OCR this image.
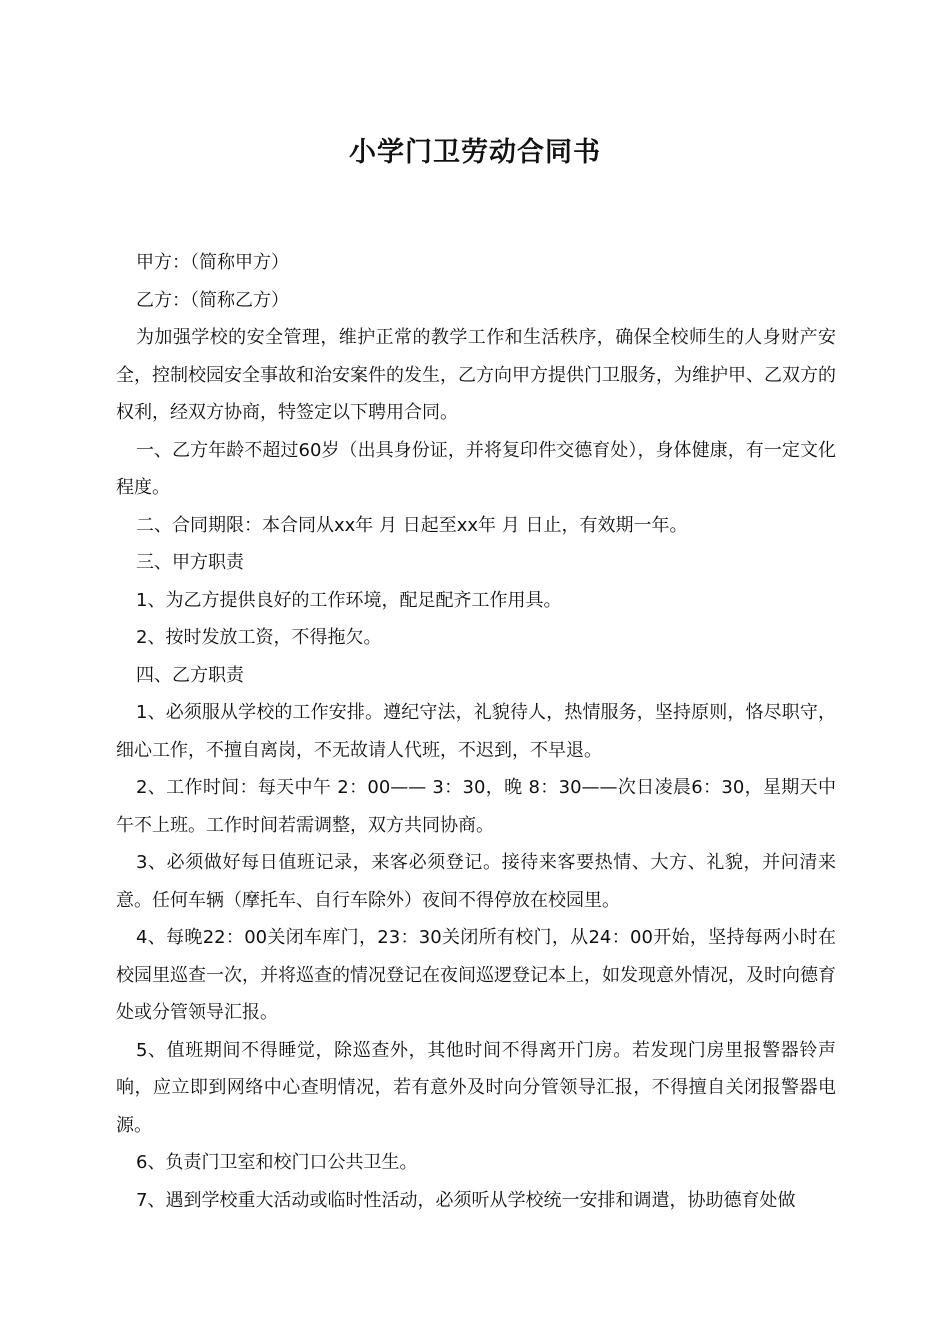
小学门卫劳动合同书

甲方：（简称甲方）

乙方：（简称乙方）

为加强学校的安全管理，维护正常的教学工作和生活秩序，确保全校师生的人身财产安全，控制校园安全事故和治安案件的发生，乙方向甲方提供门卫服务，为维护甲、乙双方的权利，经双方协商，特签定以下聘用合同。

一、乙方年龄不超过60岁（出具身份证，并将复印件交德育处），身体健康，有一定文化程度。

二、合同期限：本合同从xx年 月 日起至xx年 月 日止，有效期一年。

三、甲方职责

1、为乙方提供良好的工作环境，配足配齐工作用具。

2、按时发放工资，不得拖欠。

四、乙方职责

1、必须服从学校的工作安排。遵纪守法，礼貌待人，热情服务，坚持原则，恪尽职守，细心工作，不擅自离岗，不无故请人代班，不迟到，不早退。

2、工作时间：每天中午 2：00—— 3：30，晚 8：30——次日凌晨6：30，星期天中午不上班。工作时间若需调整，双方共同协商。

3、必须做好每日值班记录，来客必须登记。接待来客要热情、大方、礼貌，并问清来意。任何车辆（摩托车、自行车除外）夜间不得停放在校园里。

4、每晚22：00关闭车库门，23：30关闭所有校门，从24：00开始，坚持每两小时在校园里巡查一次，并将巡查的情况登记在夜间巡逻登记本上，如发现意外情况，及时向德育处或分管领导汇报。

5、值班期间不得睡觉，除巡查外，其他时间不得离开门房。若发现门房里报警器铃声响，应立即到网络中心查明情况，若有意外及时向分管领导汇报，不得擅自关闭报警器电源。

6、负责门卫室和校门口公共卫生。

7、遇到学校重大活动或临时性活动，必须听从学校统一安排和调遣，协助德育处做
